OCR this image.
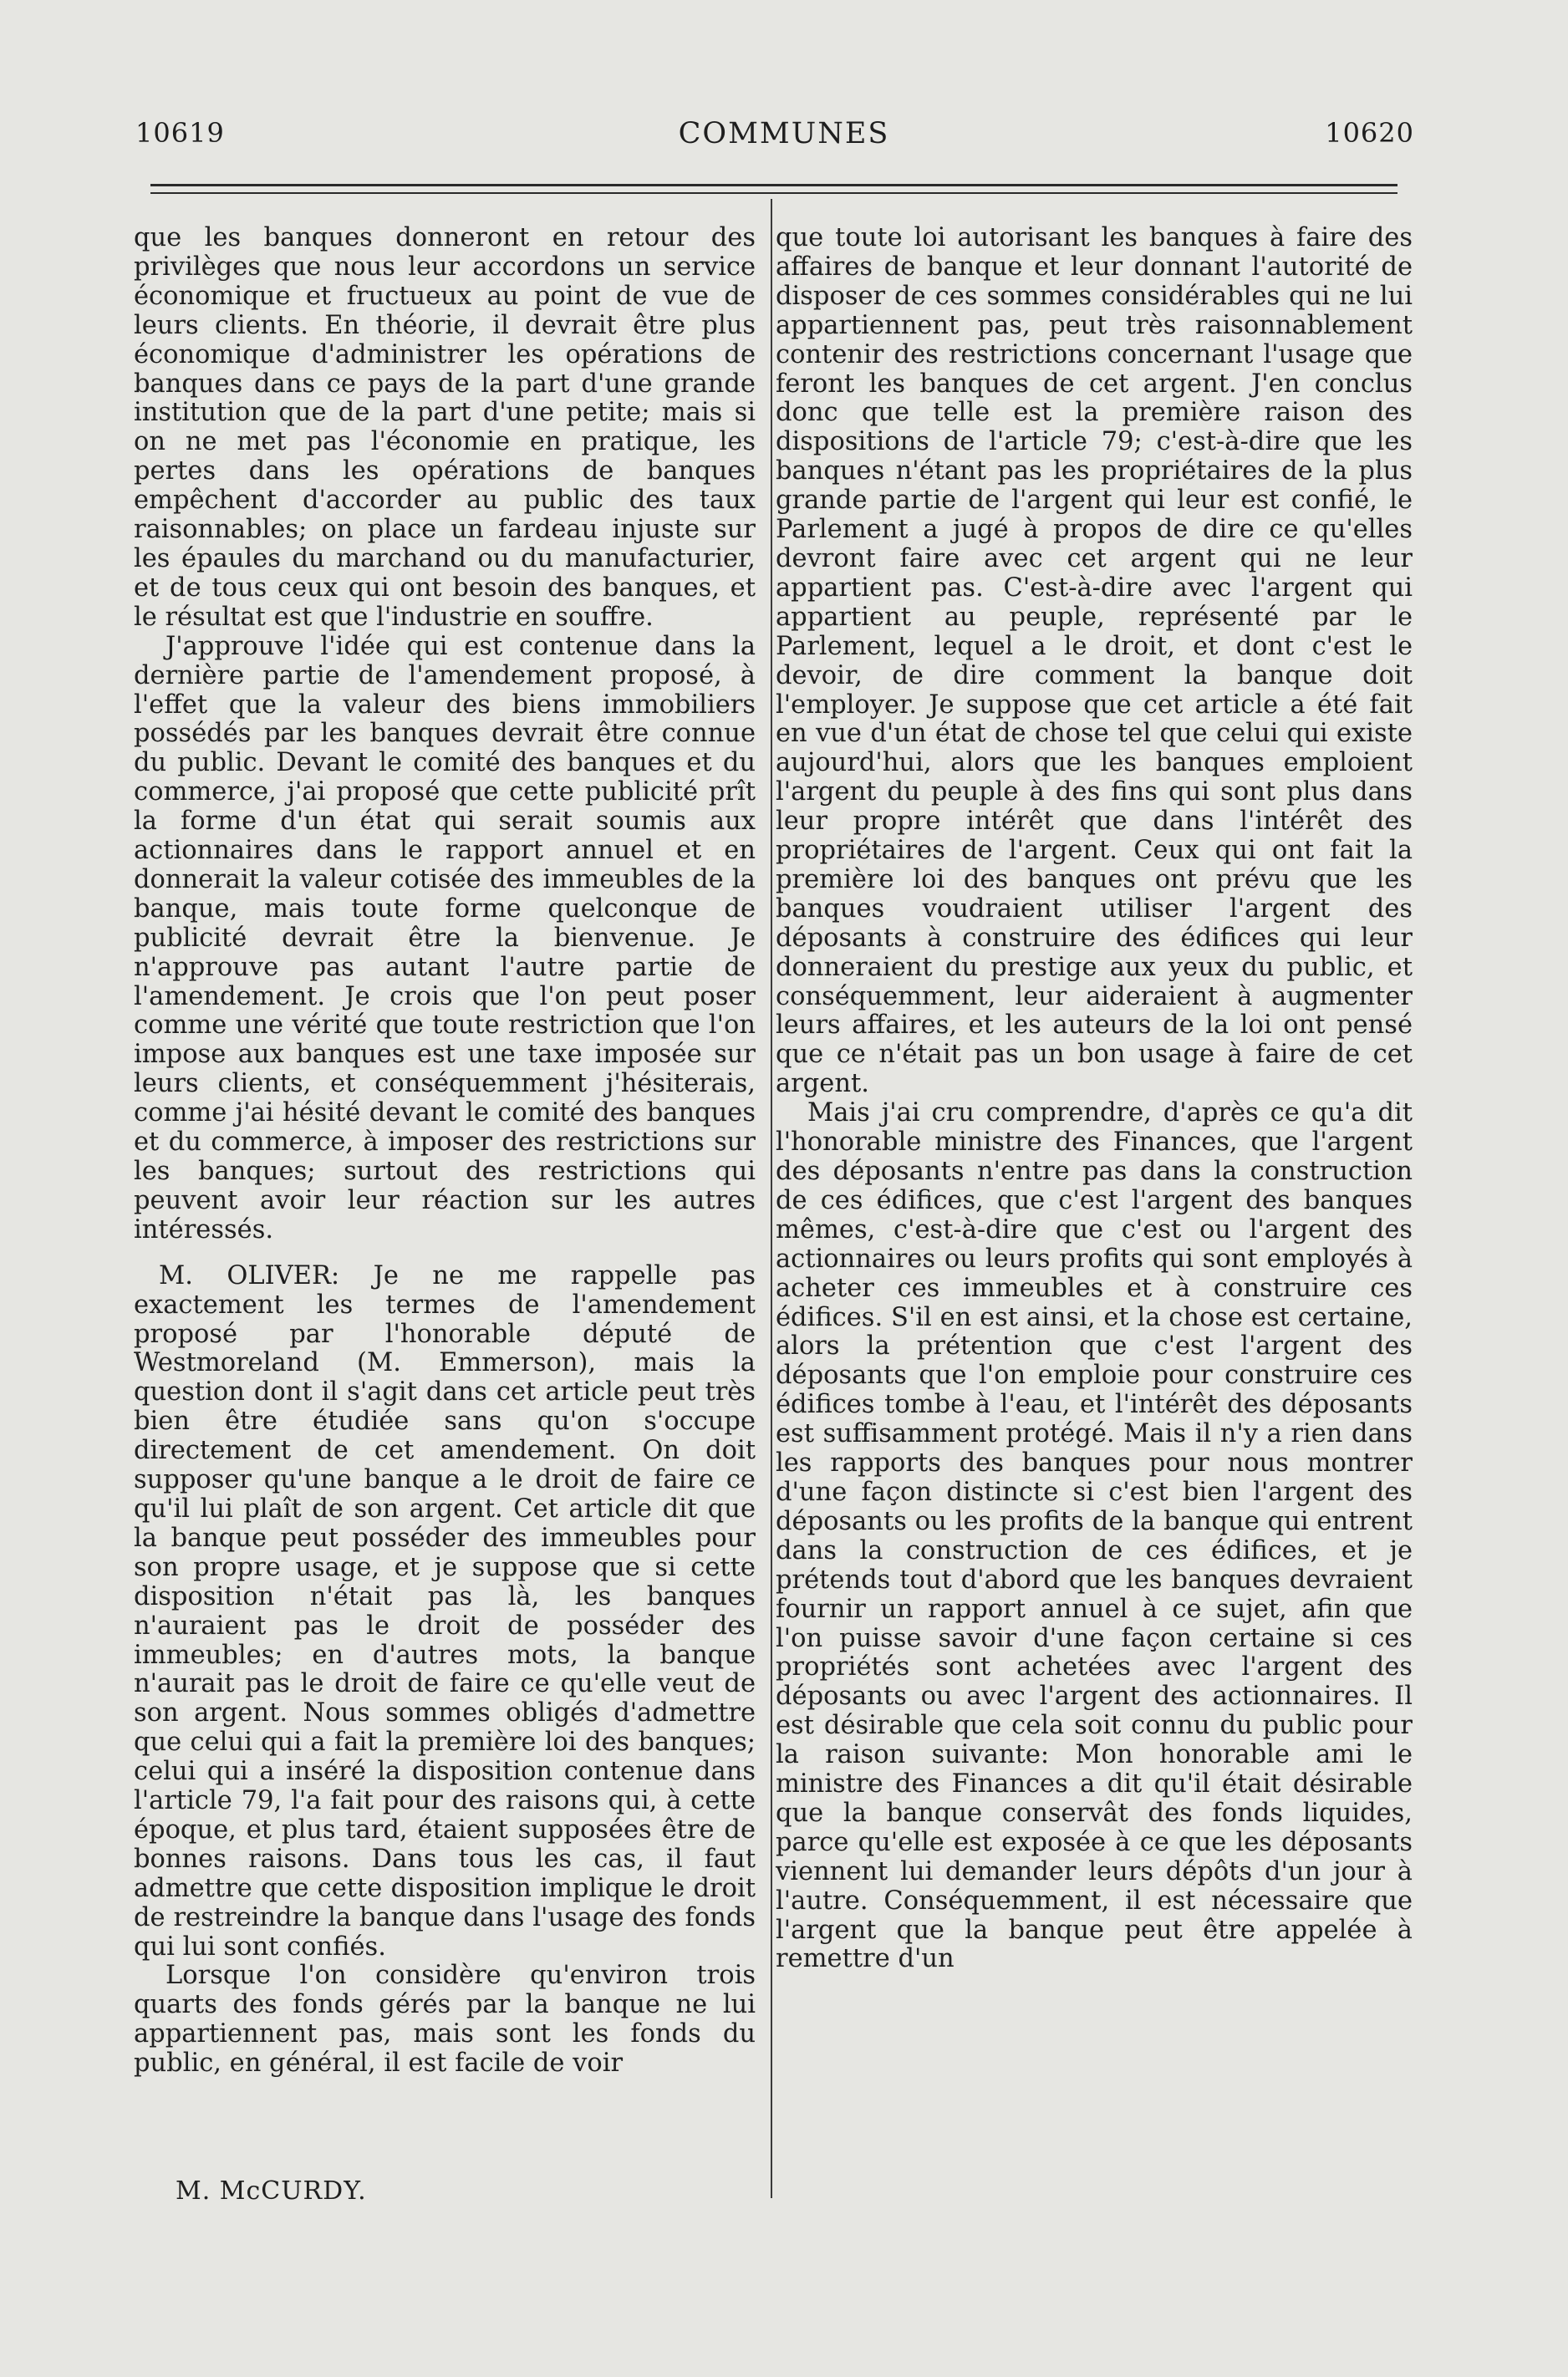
10619	COMMUNES	10620

que les banques donneront en retour des privilèges que nous leur accordons un service économique et fructueux au point de vue de leurs clients. En théorie, il devrait être plus économique d'administrer les opérations de banques dans ce pays de la part d'une grande institution que de la part d'une petite; mais si on ne met pas l'économie en pratique, les pertes dans les opérations de banques empêchent d'accorder au public des taux raisonnables; on place un fardeau injuste sur les épaules du marchand ou du manufacturier, et de tous ceux qui ont besoin des banques, et le résultat est que l'industrie en souffre.

J'approuve l'idée qui est contenue dans la dernière partie de l'amendement proposé, à l'effet que la valeur des biens immobiliers possédés par les banques devrait être connue du public. Devant le comité des banques et du commerce, j'ai proposé que cette publicité prît la forme d'un état qui serait soumis aux actionnaires dans le rapport annuel et en donnerait la valeur cotisée des immeubles de la banque, mais toute forme quelconque de publicité devrait être la bienvenue. Je n'approuve pas autant l'autre partie de l'amendement. Je crois que l'on peut poser comme une vérité que toute restriction que l'on impose aux banques est une taxe imposée sur leurs clients, et conséquemment j'hésiterais, comme j'ai hésité devant le comité des banques et du commerce, à imposer des restrictions sur les banques; surtout des restrictions qui peuvent avoir leur réaction sur les autres intéressés.

M. OLIVER: Je ne me rappelle pas exactement les termes de l'amendement proposé par l'honorable député de Westmoreland (M. Emmerson), mais la question dont il s'agit dans cet article peut très bien être étudiée sans qu'on s'occupe directement de cet amendement. On doit supposer qu'une banque a le droit de faire ce qu'il lui plaît de son argent. Cet article dit que la banque peut posséder des immeubles pour son propre usage, et je suppose que si cette disposition n'était pas là, les banques n'auraient pas le droit de posséder des immeubles; en d'autres mots, la banque n'aurait pas le droit de faire ce qu'elle veut de son argent. Nous sommes obligés d'admettre que celui qui a fait la première loi des banques; celui qui a inséré la disposition contenue dans l'article 79, l'a fait pour des raisons qui, à cette époque, et plus tard, étaient supposées être de bonnes raisons. Dans tous les cas, il faut admettre que cette disposition implique le droit de restreindre la banque dans l'usage des fonds qui lui sont confiés.

Lorsque l'on considère qu'environ trois quarts des fonds gérés par la banque ne lui appartiennent pas, mais sont les fonds du public, en général, il est facile de voir

M. McCURDY.

que toute loi autorisant les banques à faire des affaires de banque et leur donnant l'autorité de disposer de ces sommes considérables qui ne lui appartiennent pas, peut très raisonnablement contenir des restrictions concernant l'usage que feront les banques de cet argent. J'en conclus donc que telle est la première raison des dispositions de l'article 79; c'est-à-dire que les banques n'étant pas les propriétaires de la plus grande partie de l'argent qui leur est confié, le Parlement a jugé à propos de dire ce qu'elles devront faire avec cet argent qui ne leur appartient pas. C'est-à-dire avec l'argent qui appartient au peuple, représenté par le Parlement, lequel a le droit, et dont c'est le devoir, de dire comment la banque doit l'employer. Je suppose que cet article a été fait en vue d'un état de chose tel que celui qui existe aujourd'hui, alors que les banques emploient l'argent du peuple à des fins qui sont plus dans leur propre intérêt que dans l'intérêt des propriétaires de l'argent. Ceux qui ont fait la première loi des banques ont prévu que les banques voudraient utiliser l'argent des déposants à construire des édifices qui leur donneraient du prestige aux yeux du public, et conséquemment, leur aideraient à augmenter leurs affaires, et les auteurs de la loi ont pensé que ce n'était pas un bon usage à faire de cet argent.

Mais j'ai cru comprendre, d'après ce qu'a dit l'honorable ministre des Finances, que l'argent des déposants n'entre pas dans la construction de ces édifices, que c'est l'argent des banques mêmes, c'est-à-dire que c'est ou l'argent des actionnaires ou leurs profits qui sont employés à acheter ces immeubles et à construire ces édifices. S'il en est ainsi, et la chose est certaine, alors la prétention que c'est l'argent des déposants que l'on emploie pour construire ces édifices tombe à l'eau, et l'intérêt des déposants est suffisamment protégé. Mais il n'y a rien dans les rapports des banques pour nous montrer d'une façon distincte si c'est bien l'argent des déposants ou les profits de la banque qui entrent dans la construction de ces édifices, et je prétends tout d'abord que les banques devraient fournir un rapport annuel à ce sujet, afin que l'on puisse savoir d'une façon certaine si ces propriétés sont achetées avec l'argent des déposants ou avec l'argent des actionnaires. Il est désirable que cela soit connu du public pour la raison suivante: Mon honorable ami le ministre des Finances a dit qu'il était désirable que la banque conservât des fonds liquides, parce qu'elle est exposée à ce que les déposants viennent lui demander leurs dépôts d'un jour à l'autre. Conséquemment, il est nécessaire que l'argent que la banque peut être appelée à remettre d'un
